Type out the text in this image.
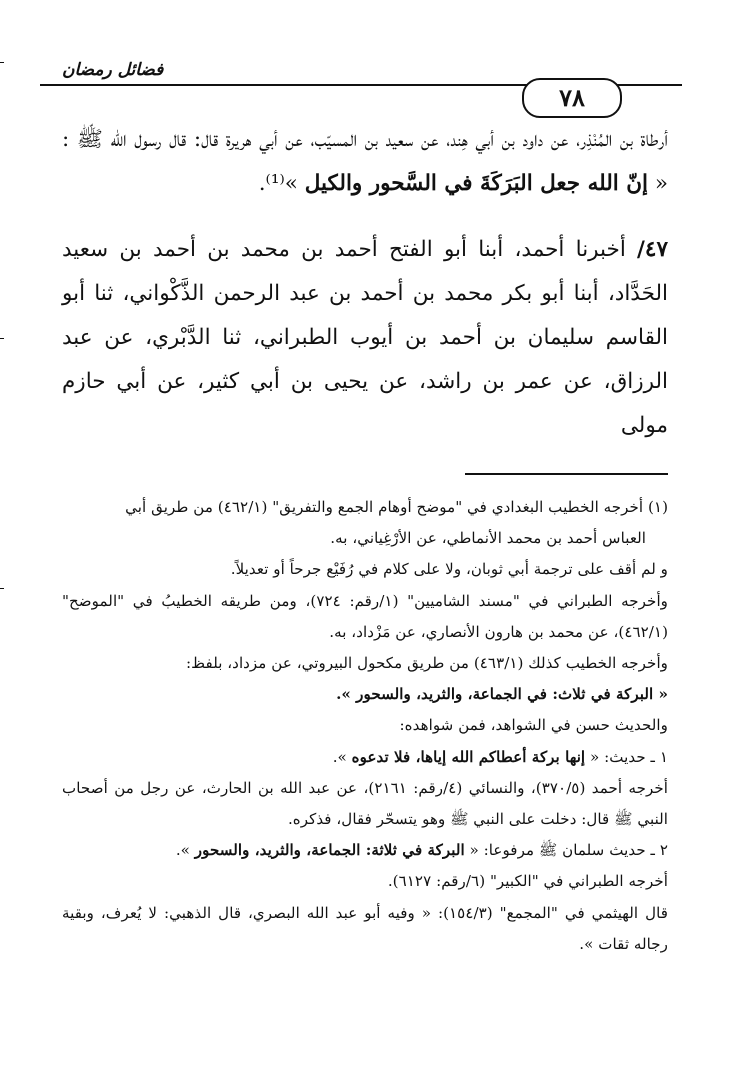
فضائل رمضان
٧٨

أرطاة بن المُنْذِر، عن داود بن أبي هِند، عن سعيد بن المسيّب، عن أبي هريرة قال: قال رسول الله ﷺ : « إنّ الله جعل البَرَكَةَ في السَّحور والكيل »⁽¹⁾.

٤٧/ أخبرنا أحمد، أبنا أبو الفتح أحمد بن محمد بن أحمد بن سعيد الحَدَّاد، أبنا أبو بكر محمد بن أحمد بن عبد الرحمن الذَّكْواني، ثنا أبو القاسم سليمان بن أحمد بن أيوب الطبراني، ثنا الدَّبْري، عن عبد الرزاق، عن عمر بن راشد، عن يحيى بن أبي كثير، عن أبي حازم مولى

(١) أخرجه الخطيب البغدادي في "موضح أوهام الجمع والتفريق" (٤٦٢/١) من طريق أبي

العباس أحمد بن محمد الأنماطي، عن الأرْغِياني، به.

و لم أقف على ترجمة أبي ثوبان، ولا على كلام في رُفَيْع جرحاً أو تعديلاً.

وأخرجه الطبراني في "مسند الشاميين" (١/رقم: ٧٢٤)، ومن طريقه الخطيبُ في "الموضح" (٤٦٢/١)، عن محمد بن هارون الأنصاري، عن مَزْداد، به.

وأخرجه الخطيب كذلك (٤٦٣/١) من طريق مكحول البيروتي، عن مزداد، بلفظ:

« البركة في ثلاث: في الجماعة، والثريد، والسحور ».

والحديث حسن في الشواهد، فمن شواهده:

١ ـ حديث: « إنها بركة أعطاكم الله إياها، فلا تدعوه ».

أخرجه أحمد (٣٧٠/٥)، والنسائي (٤/رقم: ٢١٦١)، عن عبد الله بن الحارث، عن رجل من أصحاب النبي ﷺ قال: دخلت على النبي ﷺ وهو يتسحّر فقال، فذكره.

٢ ـ حديث سلمان ﷺ مرفوعا: « البركة في ثلاثة: الجماعة، والثريد، والسحور ».

أخرجه الطبراني في "الكبير" (٦/رقم: ٦١٢٧).

قال الهيثمي في "المجمع" (١٥٤/٣): « وفيه أبو عبد الله البصري، قال الذهبي: لا يُعرف، وبقية رجاله ثقات ».
